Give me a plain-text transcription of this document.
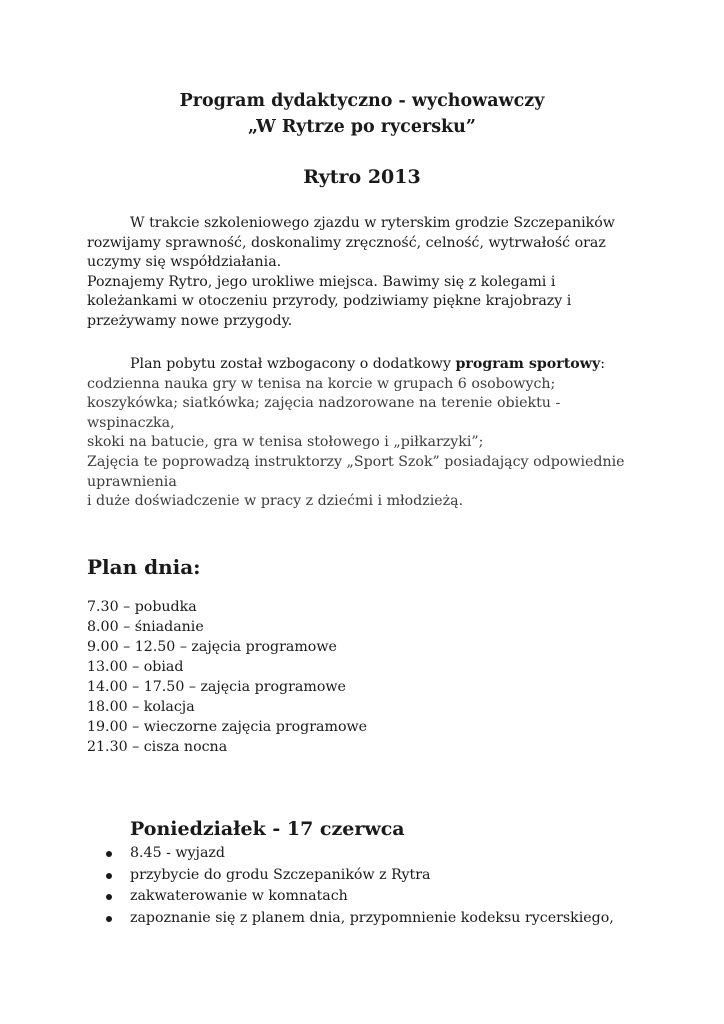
Program dydaktyczno - wychowawczy
„W Rytrze po rycersku”
Rytro 2013
W trakcie szkoleniowego zjazdu w ryterskim grodzie Szczepaników
rozwijamy sprawność, doskonalimy zręczność, celność, wytrwałość oraz
uczymy się współdziałania.
Poznajemy Rytro, jego urokliwe miejsca. Bawimy się z kolegami i
koleżankami w otoczeniu przyrody, podziwiamy piękne krajobrazy i
przeżywamy nowe przygody.
Plan pobytu został wzbogacony o dodatkowy program sportowy:
codzienna nauka gry w tenisa na korcie w grupach 6 osobowych;
koszykówka; siatkówka; zajęcia nadzorowane na terenie obiektu -
wspinaczka,
skoki na batucie, gra w tenisa stołowego i „piłkarzyki”;
Zajęcia te poprowadzą instruktorzy „Sport Szok” posiadający odpowiednie
uprawnienia
i duże doświadczenie w pracy z dziećmi i młodzieżą.
Plan dnia:
7.30 – pobudka
8.00 – śniadanie
9.00 – 12.50 – zajęcia programowe
13.00 – obiad
14.00 – 17.50 – zajęcia programowe
18.00 – kolacja
19.00 – wieczorne zajęcia programowe
21.30 – cisza nocna
Poniedziałek - 17 czerwca
8.45 - wyjazd
przybycie do grodu Szczepaników z Rytra
zakwaterowanie w komnatach
zapoznanie się z planem dnia, przypomnienie kodeksu rycerskiego,
